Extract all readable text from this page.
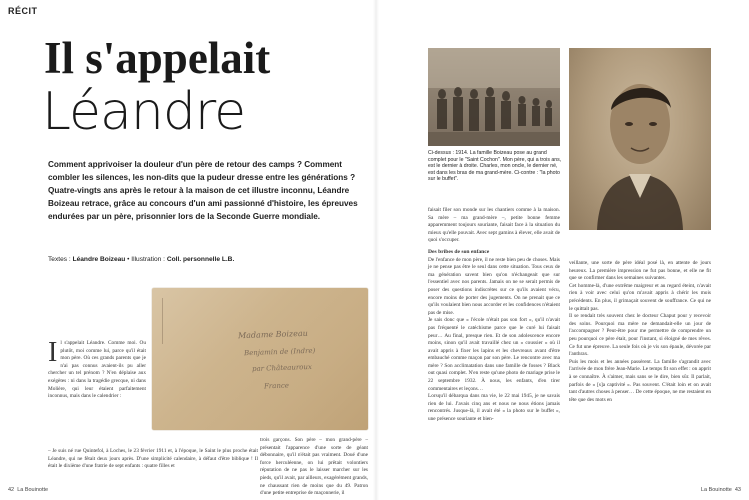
RÉCIT
Il s'appelait
Léandre
Comment apprivoiser la douleur d'un père de retour des camps ? Comment combler les silences, les non-dits que la pudeur dresse entre les générations ? Quatre-vingts ans après le retour à la maison de cet illustre inconnu, Léandre Boizeau retrace, grâce au concours d'un ami passionné d'histoire, les épreuves endurées par un père, prisonnier lors de la Seconde Guerre mondiale.
Textes : Léandre Boizeau • Illustration : Coll. personnelle L.B.
Madame Boizeau
Benjamin de (Indre)
par Châteauroux
France

Il s'appelait Léandre. Comme moi. Ou plutôt, moi comme lui, parce qu'il était mon père. Où ces grands parents que je n'ai pas connus avaient-ils pu aller chercher un tel prénom ? N'en déplaise aux exégètes : ni dans la tragédie grecque, ni dans Molière, qui leur étaient parfaitement inconnus, mais dans le calendrier :

– Je suis né rue Quintefol, à Loches, le 23 février 1911 et, à l'époque, le Saint le plus proche était Léandre, qui ne fêtait deux jours après. D'une simplicité calendaire, à défaut d'être biblique ! Il était le dixième d'une fratrie de sept enfants : quatre filles et

trois garçons. Son père – mon grand-père – présentait l'apparence d'une sorte de géant débonnaire, qu'il n'était pas vraiment. Doué d'une force herculéenne, on lui prêtait volontiers réputation de ne pas le laisser marcher sur les pieds, qu'il avait, par ailleurs, exagérément grands, ne chaussant rien de moins que du 49. Patron d'une petite entreprise de maçonnerie, il

42 La Bouinotte
Ci-dessus : 1914. La famille Boizeau pose au grand complet pour le "Saint Cochon". Mon père, qui a trois ans, est le dernier à droite. Charles, mon oncle, le dernier né, est dans les bras de ma grand-mère. Ci-contre : "la photo sur le buffet".

faisait filer son monde sur les chantiers comme à la maison. Sa mère – ma grand-mère –, petite bonne femme apparemment toujours souriante, faisait face à la situation du mieux qu'elle pouvait. Avec sept gamins à élever, elle avait de quoi s'occuper.

Des bribes de son enfance

De l'enfance de mon père, il ne reste bien peu de choses. Mais je ne pense pas être le seul dans cette situation. Tous ceux de ma génération savent bien qu'on n'échangeait que sur l'essentiel avec nos parents. Jamais on ne se serait permis de poser des questions indiscrètes sur ce qu'ils avaient vécu, encore moins de porter des jugements. On ne prenait que ce qu'ils voulaient bien nous accorder et les confidences n'étaient pas de mise.

Je sais donc que « l'école n'était pas son fort », qu'il n'avait pas fréquenté le catéchisme parce que le curé lui faisait peur… Au final, presque rien. Et de son adolescence encore moins, sinon qu'il avait travaillé chez un « coussier » où il avait appris à fixer les lapins et les chevreaux avant d'être embauché comme maçon par son père. Le rencontre avec ma mère ? Son acclimatation dans une famille de fosses ? Black out quasi complet. N'en reste qu'une photo de mariage prise le 22 septembre 1932. À nous, les enfants, d'en tirer commentaires et leçons…

Lorsqu'il débarqua dans ma vie, le 22 mai 1945, je ne savais rien de lui. J'avais cinq ans et nous ne nous étions jamais rencontrés. Jusque-là, il avait été « la photo sur le buffet », une présence souriante et bien-

veillante, une sorte de père idéal posé là, en attente de jours heureux. La première impression ne fut pas bonne, et elle ne fit que se confirmer dans les semaines suivantes.

Cet homme-là, d'une extrême maigreur et au regard éteint, n'avait rien à voir avec celui qu'on m'avait appris à chérir les mois précédents. En plus, il grimaçait souvent de souffrance. Ce qui ne le quittait pas.

Il se rendait très souvent chez le docteur Chaput pour y recevoir des soins. Pourquoi ma mère ne demandait-elle un jour de l'accompagner ? Peut-être pour me permettre de comprendre un peu pourquoi ce père était, pour l'instant, si éloigné de mes rêves. Ce fut une épreuve. La seule fois où je vis son épaule, dévorée par l'anthrax.

Puis les mois et les années passèrent. La famille s'agrandit avec l'arrivée de mon frère Jean-Marie. Le temps fit son effet : on apprit à se connaître. À s'aimer, mais sans se le dire, bien sûr. Il parlait, parfois de « [s]a captivité ». Pas souvent. C'était loin et on avait tant d'autres choses à penser… De cette époque, ne me restaient en tête que des mots en

La Bouinotte 43
